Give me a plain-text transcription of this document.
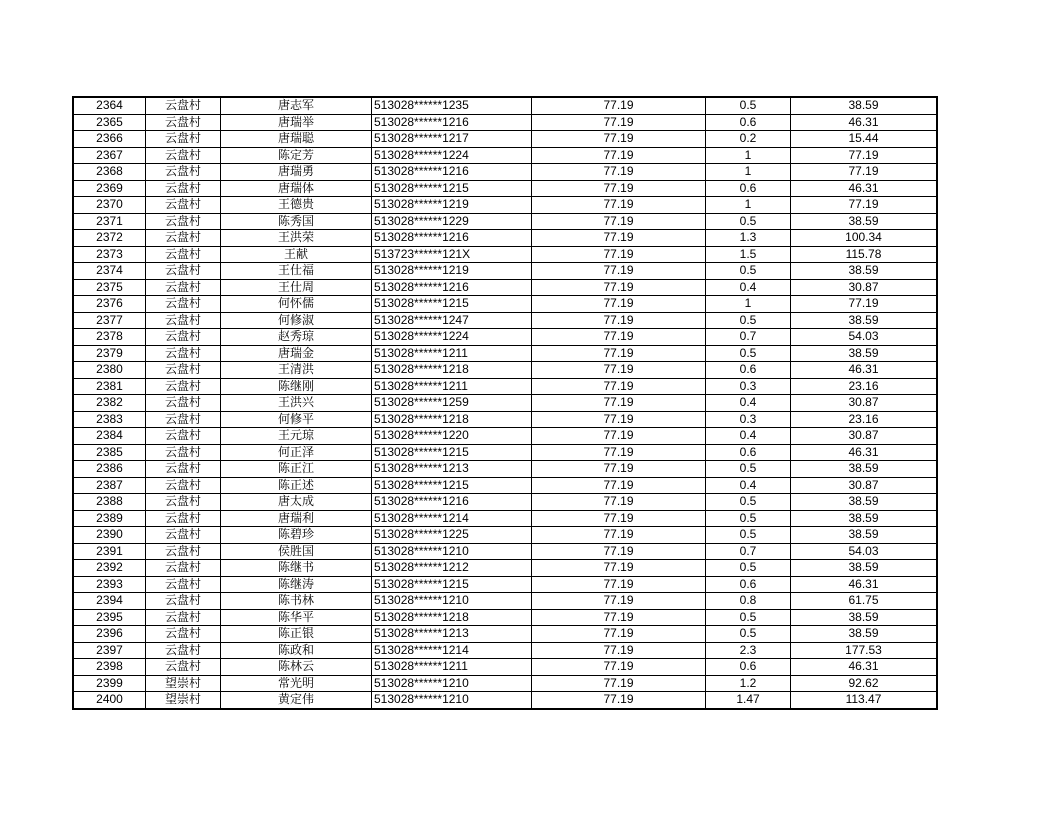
2364	云盘村	唐志军	513028******1235	77.19	0.5	38.59
2365	云盘村	唐瑞举	513028******1216	77.19	0.6	46.31
2366	云盘村	唐瑞聪	513028******1217	77.19	0.2	15.44
2367	云盘村	陈定芳	513028******1224	77.19	1	77.19
2368	云盘村	唐瑞勇	513028******1216	77.19	1	77.19
2369	云盘村	唐瑞体	513028******1215	77.19	0.6	46.31
2370	云盘村	王德贵	513028******1219	77.19	1	77.19
2371	云盘村	陈秀国	513028******1229	77.19	0.5	38.59
2372	云盘村	王洪荣	513028******1216	77.19	1.3	100.34
2373	云盘村	王献	513723******121X	77.19	1.5	115.78
2374	云盘村	王仕福	513028******1219	77.19	0.5	38.59
2375	云盘村	王仕周	513028******1216	77.19	0.4	30.87
2376	云盘村	何怀儒	513028******1215	77.19	1	77.19
2377	云盘村	何修淑	513028******1247	77.19	0.5	38.59
2378	云盘村	赵秀琼	513028******1224	77.19	0.7	54.03
2379	云盘村	唐瑞金	513028******1211	77.19	0.5	38.59
2380	云盘村	王清洪	513028******1218	77.19	0.6	46.31
2381	云盘村	陈继刚	513028******1211	77.19	0.3	23.16
2382	云盘村	王洪兴	513028******1259	77.19	0.4	30.87
2383	云盘村	何修平	513028******1218	77.19	0.3	23.16
2384	云盘村	王元琼	513028******1220	77.19	0.4	30.87
2385	云盘村	何正泽	513028******1215	77.19	0.6	46.31
2386	云盘村	陈正江	513028******1213	77.19	0.5	38.59
2387	云盘村	陈正述	513028******1215	77.19	0.4	30.87
2388	云盘村	唐太成	513028******1216	77.19	0.5	38.59
2389	云盘村	唐瑞利	513028******1214	77.19	0.5	38.59
2390	云盘村	陈碧珍	513028******1225	77.19	0.5	38.59
2391	云盘村	侯胜国	513028******1210	77.19	0.7	54.03
2392	云盘村	陈继书	513028******1212	77.19	0.5	38.59
2393	云盘村	陈继涛	513028******1215	77.19	0.6	46.31
2394	云盘村	陈书林	513028******1210	77.19	0.8	61.75
2395	云盘村	陈华平	513028******1218	77.19	0.5	38.59
2396	云盘村	陈正银	513028******1213	77.19	0.5	38.59
2397	云盘村	陈政和	513028******1214	77.19	2.3	177.53
2398	云盘村	陈林云	513028******1211	77.19	0.6	46.31
2399	望崇村	常光明	513028******1210	77.19	1.2	92.62
2400	望崇村	黄定伟	513028******1210	77.19	1.47	113.47
